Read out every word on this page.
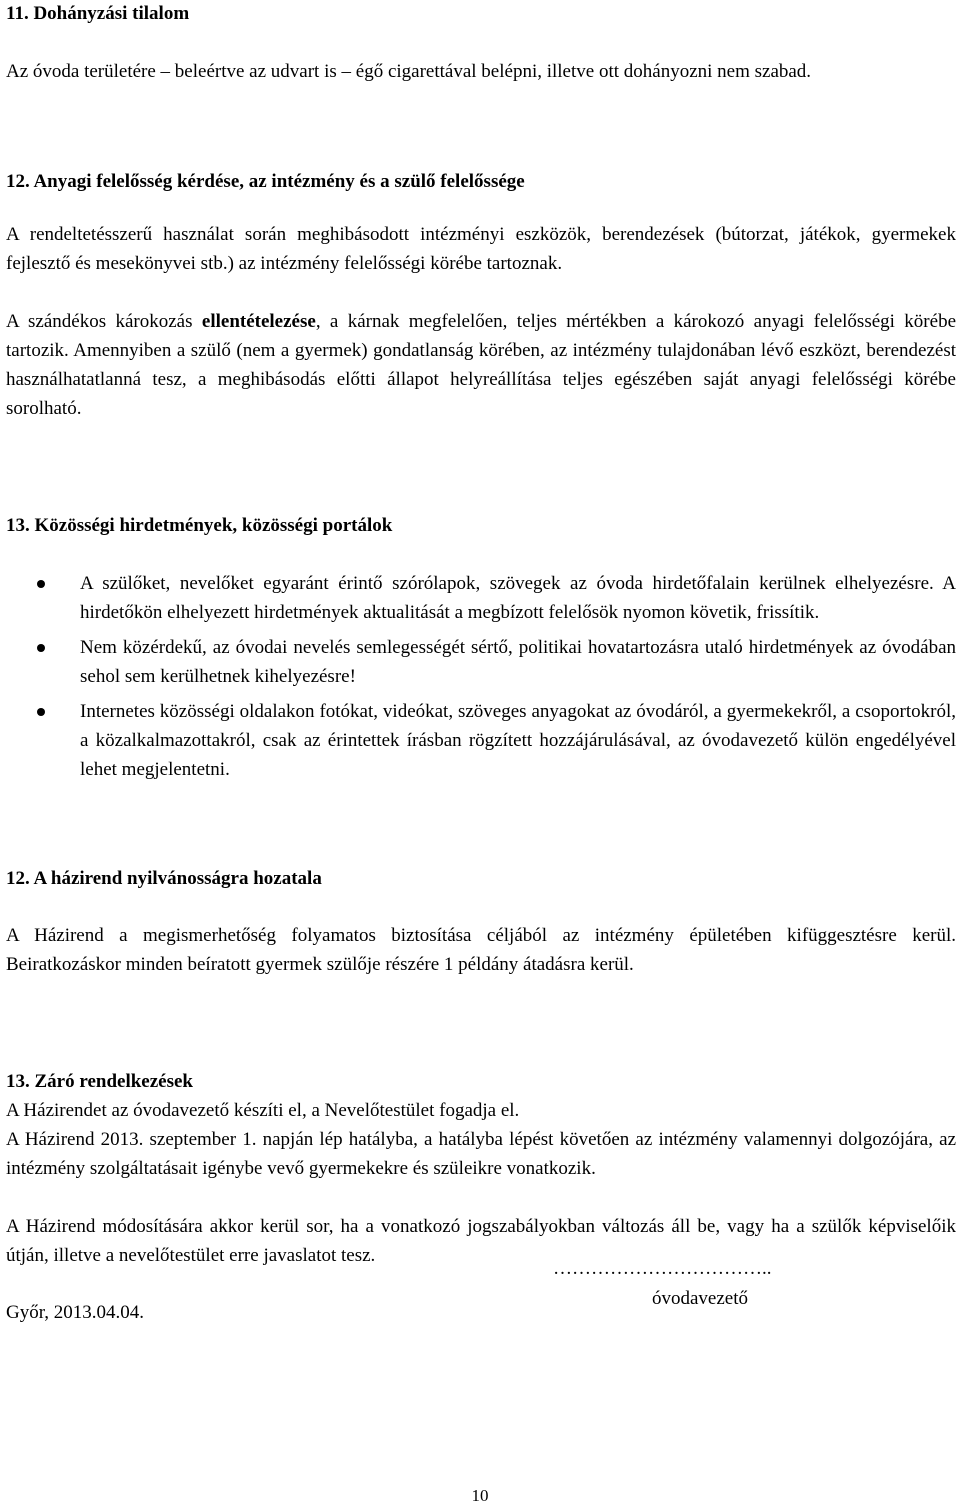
11. Dohányzási tilalom
Az óvoda területére – beleértve az udvart is – égő cigarettával belépni, illetve ott dohányozni nem szabad.
12. Anyagi felelősség kérdése, az intézmény és a szülő felelőssége
A rendeltetésszerű használat során meghibásodott intézményi eszközök, berendezések (bútorzat, játékok, gyermekek fejlesztő és mesekönyvei stb.) az intézmény felelősségi körébe tartoznak.
A szándékos károkozás ellentételezése, a kárnak megfelelően, teljes mértékben a károkozó anyagi felelősségi körébe tartozik. Amennyiben a szülő (nem a gyermek) gondatlanság körében, az intézmény tulajdonában lévő eszközt, berendezést használhatatlanná tesz, a meghibásodás előtti állapot helyreállítása teljes egészében saját anyagi felelősségi körébe sorolható.
13. Közösségi hirdetmények, közösségi portálok
A szülőket, nevelőket egyaránt érintő szórólapok, szövegek az óvoda hirdetőfalain kerülnek elhelyezésre. A hirdetőkön elhelyezett hirdetmények aktualitását a megbízott felelősök nyomon követik, frissítik.
Nem közérdekű, az óvodai nevelés semlegességét sértő, politikai hovatartozásra utaló hirdetmények az óvodában sehol sem kerülhetnek kihelyezésre!
Internetes közösségi oldalakon fotókat, videókat, szöveges anyagokat az óvodáról, a gyermekekről, a csoportokról, a közalkalmazottakról, csak az érintettek írásban rögzített hozzájárulásával, az óvodavezető külön engedélyével lehet megjelentetni.
12. A házirend nyilvánosságra hozatala
A Házirend a megismerhetőség folyamatos biztosítása céljából az intézmény épületében kifüggesztésre kerül. Beiratkozáskor minden beíratott gyermek szülője részére 1 példány átadásra kerül.
13. Záró rendelkezések
A Házirendet az óvodavezető készíti el, a Nevelőtestület fogadja el.
A Házirend 2013. szeptember 1. napján lép hatályba, a hatályba lépést követően az intézmény valamennyi dolgozójára, az intézmény szolgáltatásait igénybe vevő gyermekekre és szüleikre vonatkozik.
A Házirend módosítására akkor kerül sor, ha a vonatkozó jogszabályokban változás áll be, vagy ha a szülők képviselőik útján, illetve a nevelőtestület erre javaslatot tesz.
Győr, 2013.04.04.
……………………………..
óvodavezető
10
